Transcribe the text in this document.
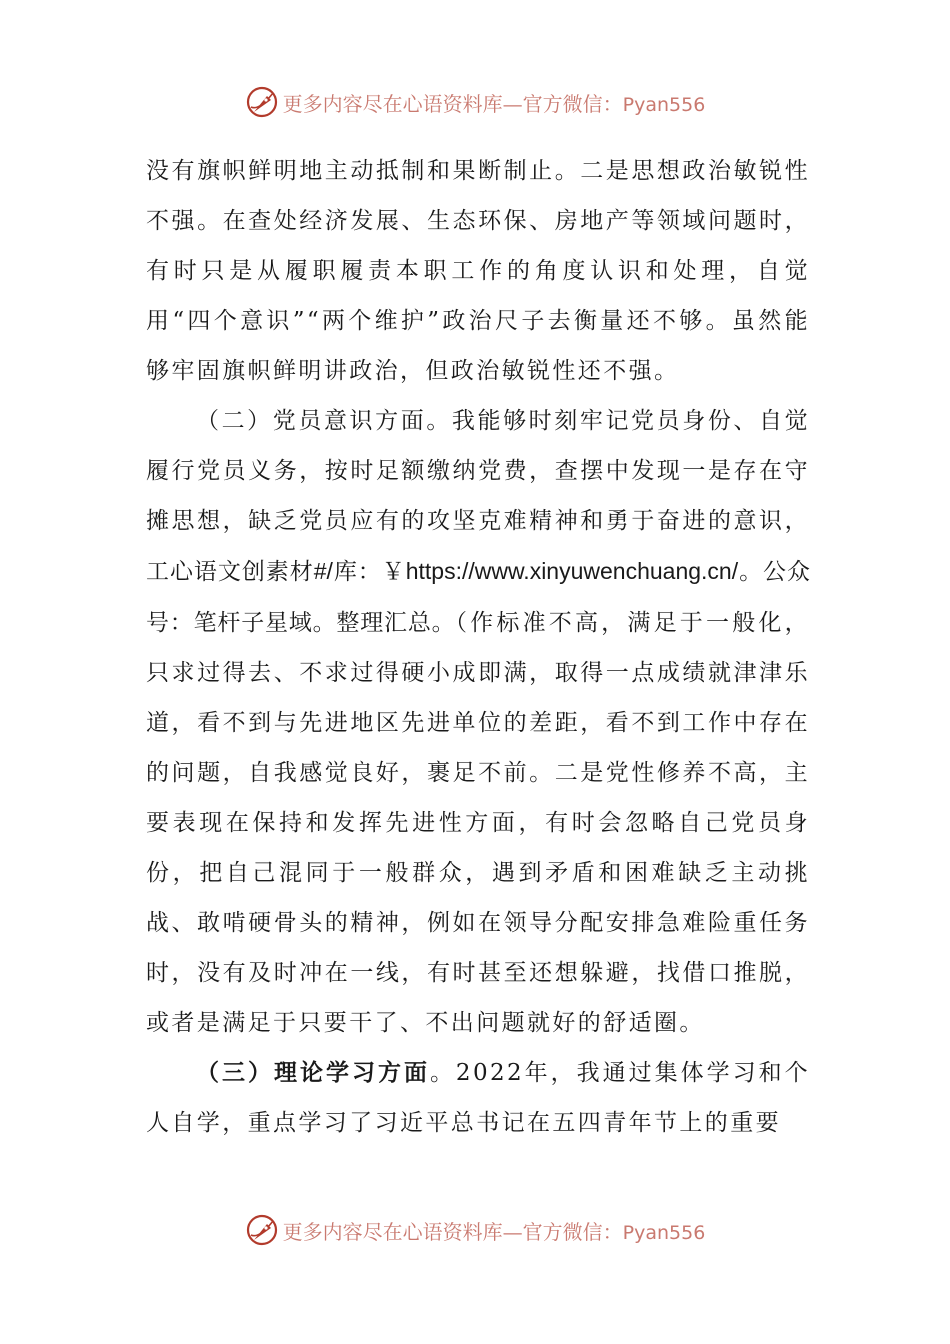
更多内容尽在心语资料库—官方微信：Pyan556

没有旗帜鲜明地主动抵制和果断制止。二是思想政治敏锐性不强。在查处经济发展、生态环保、房地产等领域问题时，有时只是从履职履责本职工作的角度认识和处理，自觉用“四个意识”“两个维护”政治尺子去衡量还不够。虽然能够牢固旗帜鲜明讲政治，但政治敏锐性还不强。

（二）党员意识方面。我能够时刻牢记党员身份、自觉履行党员义务，按时足额缴纳党费，查摆中发现一是存在守摊思想，缺乏党员应有的攻坚克难精神和勇于奋进的意识，工心语文创素材#/库：￥https://www.xinyuwenchuang.cn/。公众号：笔杆子星域。整理汇总。（作标准不高，满足于一般化，只求过得去、不求过得硬小成即满，取得一点成绩就津津乐道，看不到与先进地区先进单位的差距，看不到工作中存在的问题，自我感觉良好，裹足不前。二是党性修养不高，主要表现在保持和发挥先进性方面，有时会忽略自己党员身份，把自己混同于一般群众，遇到矛盾和困难缺乏主动挑战、敢啃硬骨头的精神，例如在领导分配安排急难险重任务时，没有及时冲在一线，有时甚至还想躲避，找借口推脱，或者是满足于只要干了、不出问题就好的舒适圈。

（三）理论学习方面。2022年，我通过集体学习和个人自学，重点学习了习近平总书记在五四青年节上的重要

更多内容尽在心语资料库—官方微信：Pyan556
